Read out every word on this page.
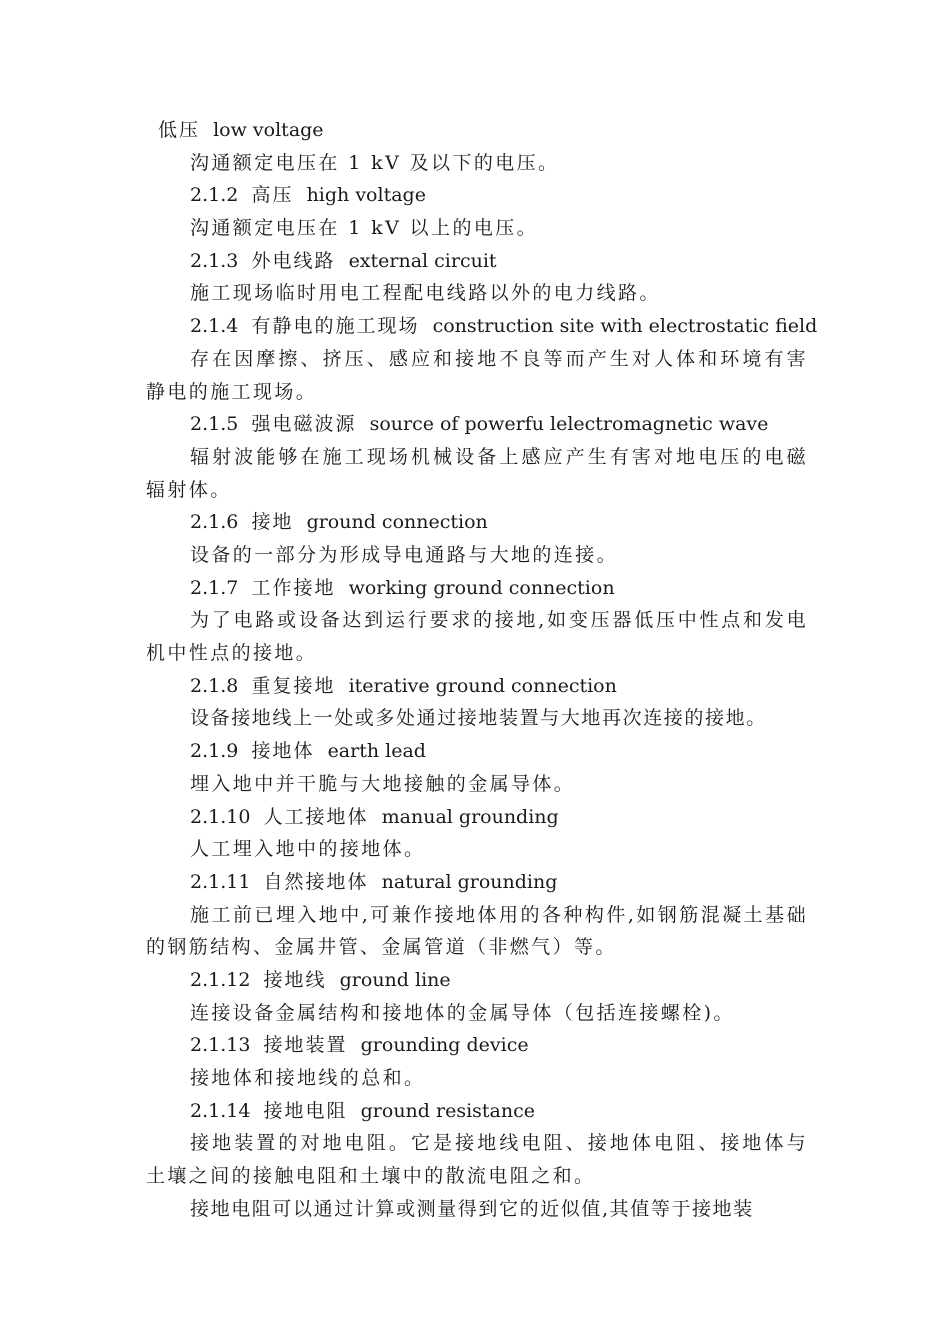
低压 low voltage
沟通额定电压在 1 kV 及以下的电压。
2.1.2 高压 high voltage
沟通额定电压在 1 kV 以上的电压。
2.1.3 外电线路 external circuit
施工现场临时用电工程配电线路以外的电力线路。
2.1.4 有静电的施工现场 construction site with electrostatic field
存在因摩擦、挤压、感应和接地不良等而产生对人体和环境有害静电的施工现场。
2.1.5 强电磁波源 source of powerfu lelectromagnetic wave
辐射波能够在施工现场机械设备上感应产生有害对地电压的电磁辐射体。
2.1.6 接地 ground connection
设备的一部分为形成导电通路与大地的连接。
2.1.7 工作接地 working ground connection
为了电路或设备达到运行要求的接地,如变压器低压中性点和发电机中性点的接地。
2.1.8 重复接地 iterative ground connection
设备接地线上一处或多处通过接地装置与大地再次连接的接地。
2.1.9 接地体 earth lead
埋入地中并干脆与大地接触的金属导体。
2.1.10 人工接地体 manual grounding
人工埋入地中的接地体。
2.1.11 自然接地体 natural grounding
施工前已埋入地中,可兼作接地体用的各种构件,如钢筋混凝土基础的钢筋结构、金属井管、金属管道（非燃气）等。
2.1.12 接地线 ground line
连接设备金属结构和接地体的金属导体（包括连接螺栓)。
2.1.13 接地装置 grounding device
接地体和接地线的总和。
2.1.14 接地电阻 ground resistance
接地装置的对地电阻。它是接地线电阻、接地体电阻、接地体与土壤之间的接触电阻和土壤中的散流电阻之和。
接地电阻可以通过计算或测量得到它的近似值,其值等于接地装
